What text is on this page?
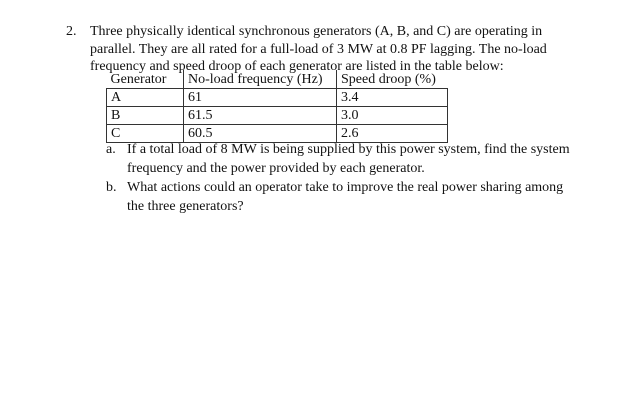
2. Three physically identical synchronous generators (A, B, and C) are operating in
parallel. They are all rated for a full-load of 3 MW at 0.8 PF lagging. The no-load
frequency and speed droop of each generator are listed in the table below:
Generator	No-load frequency (Hz)	Speed droop (%)
A	61	3.4
B	61.5	3.0
C	60.5	2.6
a. If a total load of 8 MW is being supplied by this power system, find the system
frequency and the power provided by each generator.
b. What actions could an operator take to improve the real power sharing among
the three generators?
